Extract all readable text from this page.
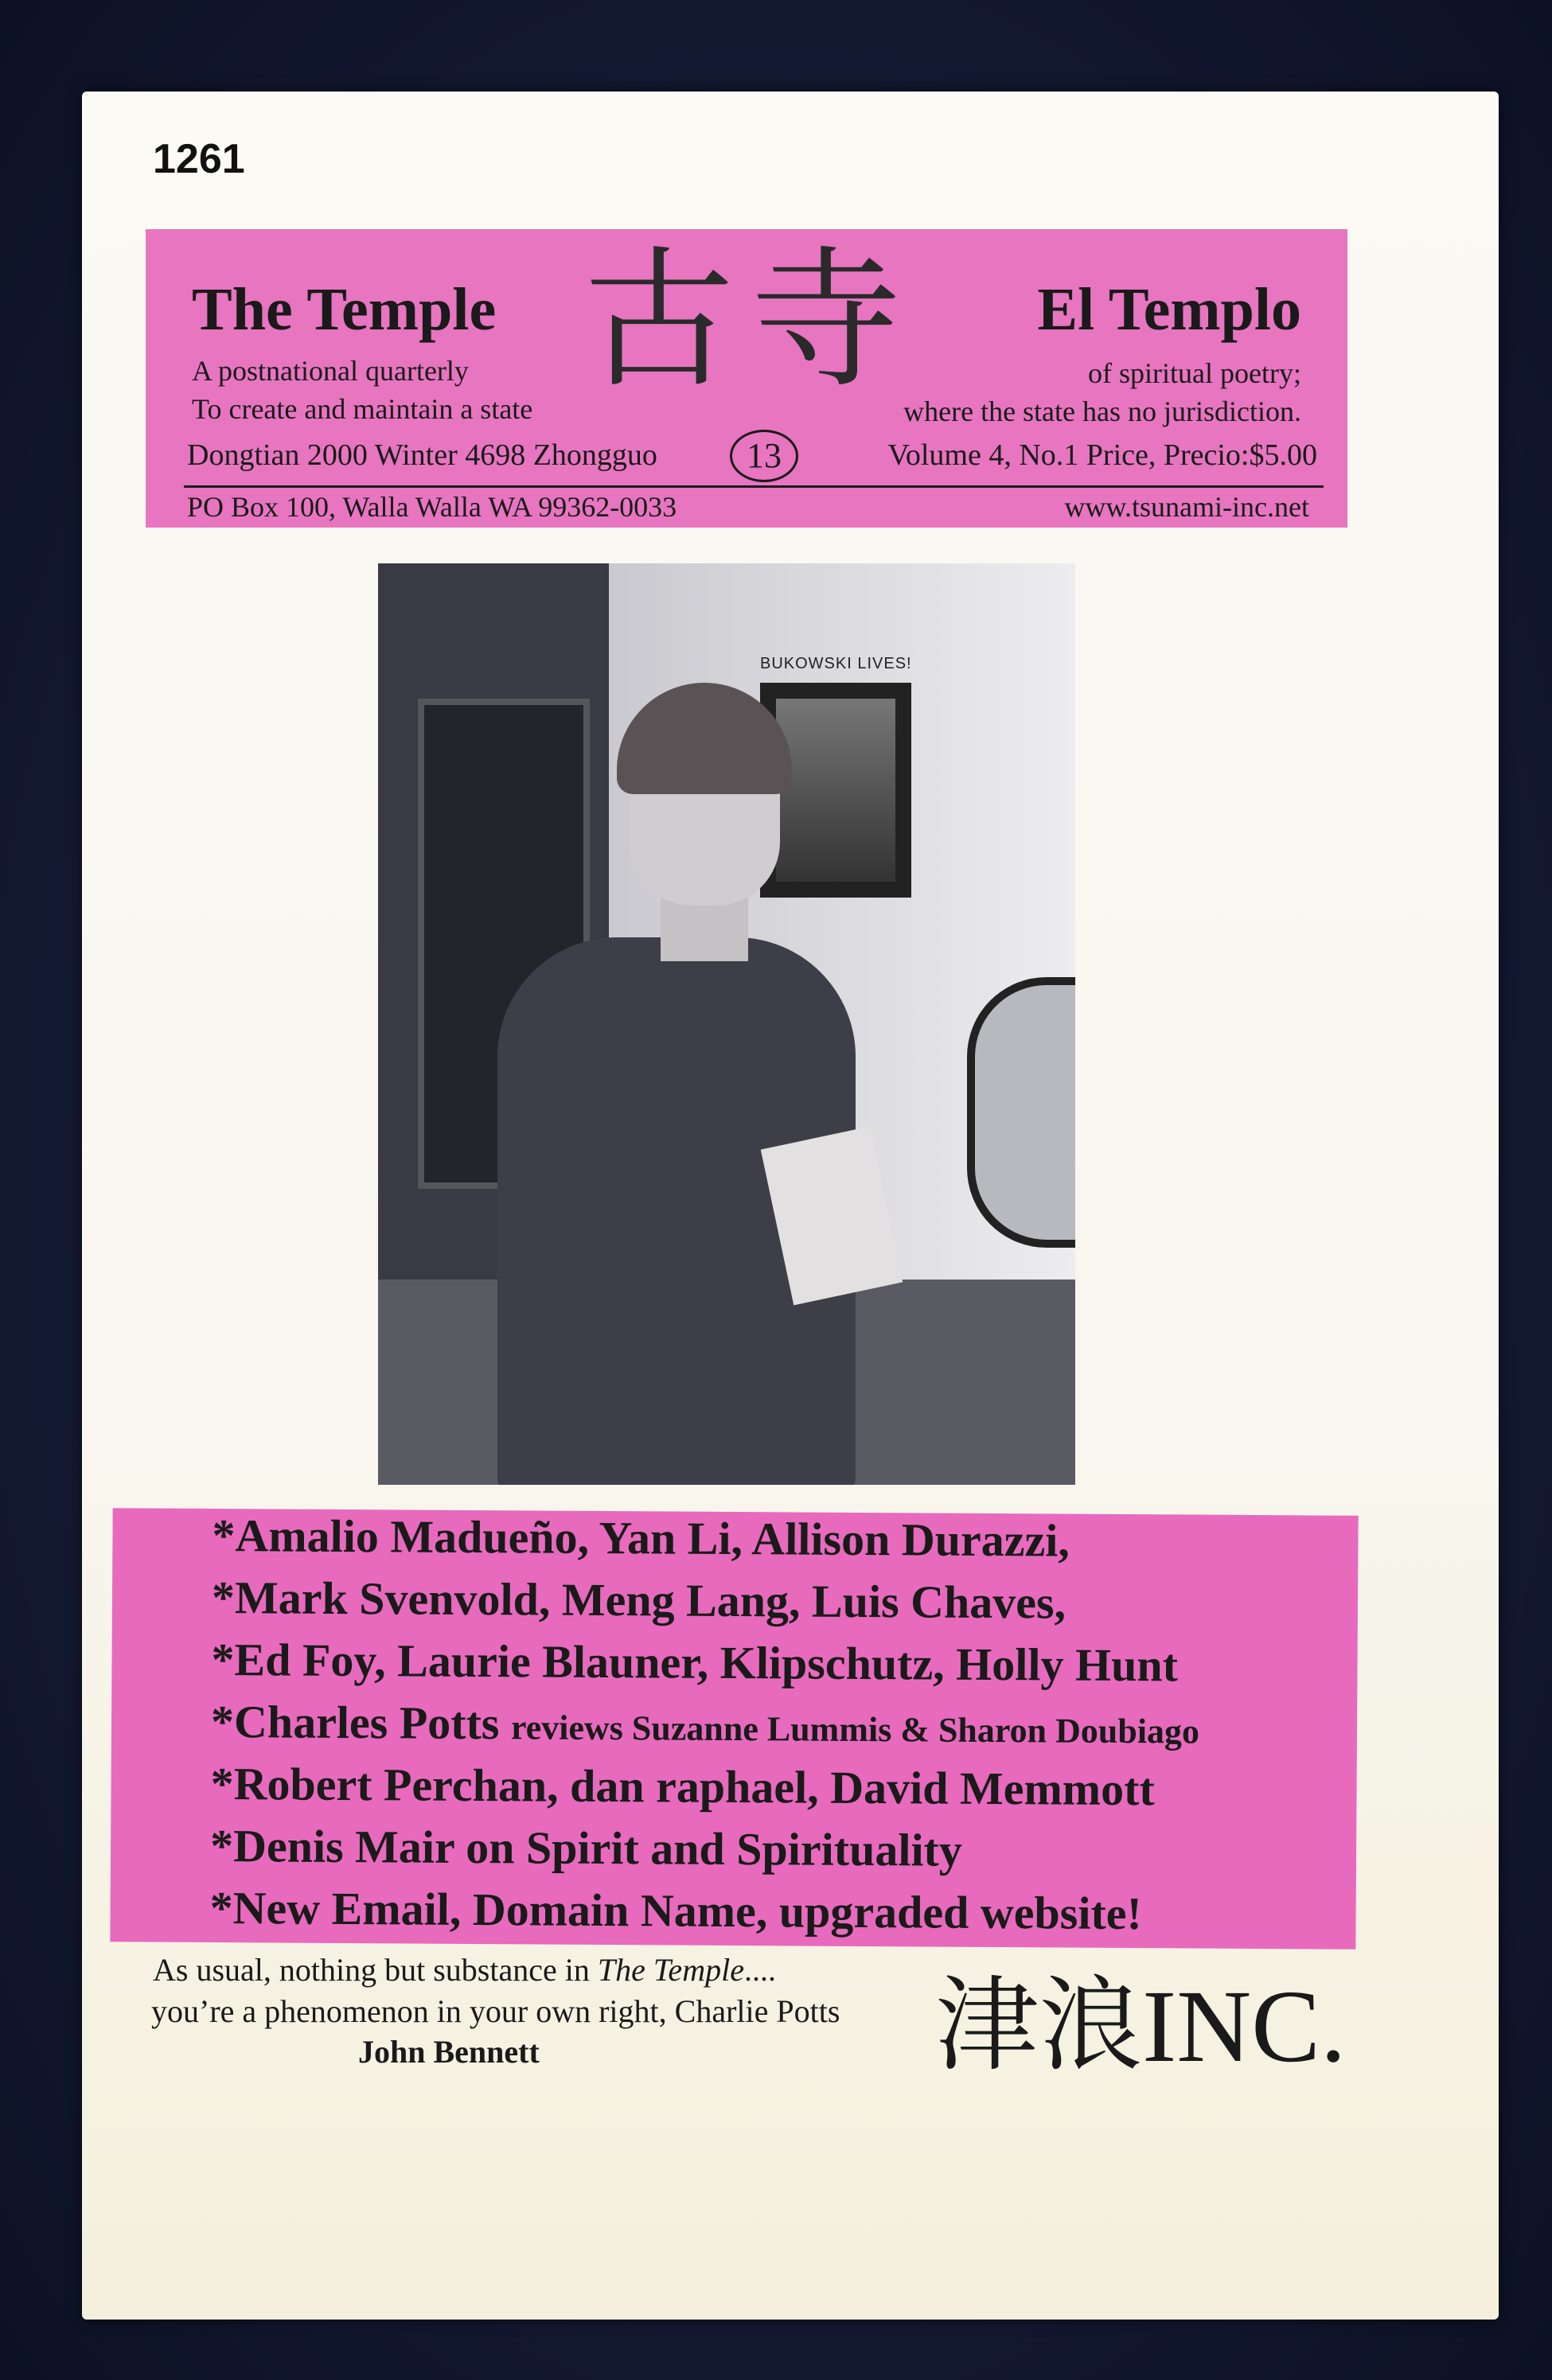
1261
The Temple 古寺 El Templo
A postnational quarterly
To create and maintain a state
of spiritual poetry;
where the state has no jurisdiction.
Dongtian 2000 Winter 4698 Zhongguo	13	Volume 4, No.1 Price, Precio:$5.00
PO Box 100, Walla Walla WA 99362-0033	www.tsunami-inc.net
BUKOWSKI LIVES!
*Amalio Madueño, Yan Li, Allison Durazzi,
*Mark Svenvold, Meng Lang, Luis Chaves,
*Ed Foy, Laurie Blauner, Klipschutz, Holly Hunt
*Charles Potts reviews Suzanne Lummis & Sharon Doubiago
*Robert Perchan, dan raphael, David Memmott
*Denis Mair on Spirit and Spirituality
*New Email, Domain Name, upgraded website!
As usual, nothing but substance in The Temple....
you’re a phenomenon in your own right, Charlie Potts
John Bennett	津浪INC.
